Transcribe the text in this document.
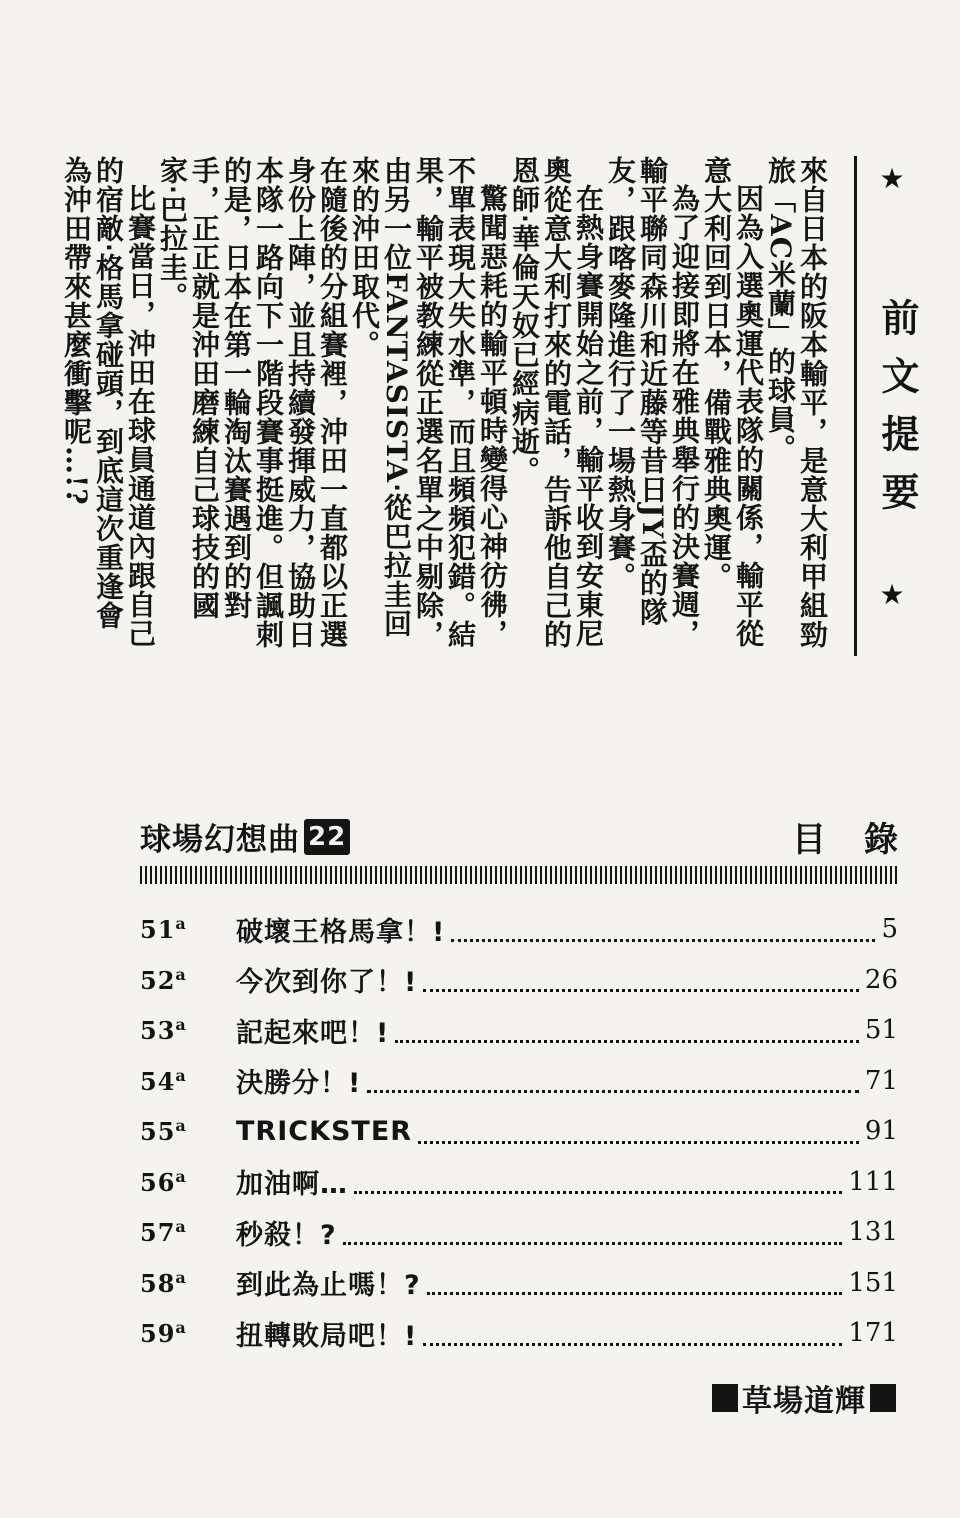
來自日本的阪本輸平，是意大利甲組勁旅「AC米蘭」的球員。

因為入選奧運代表隊的關係，輸平從意大利回到日本，備戰雅典奧運。

為了迎接即將在雅典舉行的決賽週，輸平聯同森川和近藤等昔日JY盃的隊友，跟喀麥隆進行了一場熱身賽。

在熱身賽開始之前，輸平收到安東尼奧從意大利打來的電話，告訴他自己的恩師‧華倫天奴已經病逝。

驚聞惡耗的輸平頓時變得心神彷彿，不單表現大失水準，而且頻頻犯錯。結果，輸平被教練從正選名單之中剔除，由另一位FANTASISTA‧從巴拉圭回來的沖田取代。

在隨後的分組賽裡，沖田一直都以正選身份上陣，並且持續發揮威力，協助日本隊一路向下一階段賽事挺進。但諷刺的是，日本在第一輪淘汰賽遇到的對手，正正就是沖田磨練自己球技的國家‧巴拉圭。

比賽當日，沖田在球員通道內跟自己的宿敵‧格馬拿碰頭，到底這次重逢會為沖田帶來甚麼衝擊呢…!?	★
前文提要
★
球場幻想曲 22	目錄
51$^a$	破壞王格馬拿！!	5
52$^a$	今次到你了！!	26
53$^a$	記起來吧！!	51
54$^a$	決勝分！!	71
55$^a$	TRICKSTER	91
56$^a$	加油啊…	111
57$^a$	秒殺！?	131
58$^a$	到此為止嗎！?	151
59$^a$	扭轉敗局吧！!	171
草場道輝
